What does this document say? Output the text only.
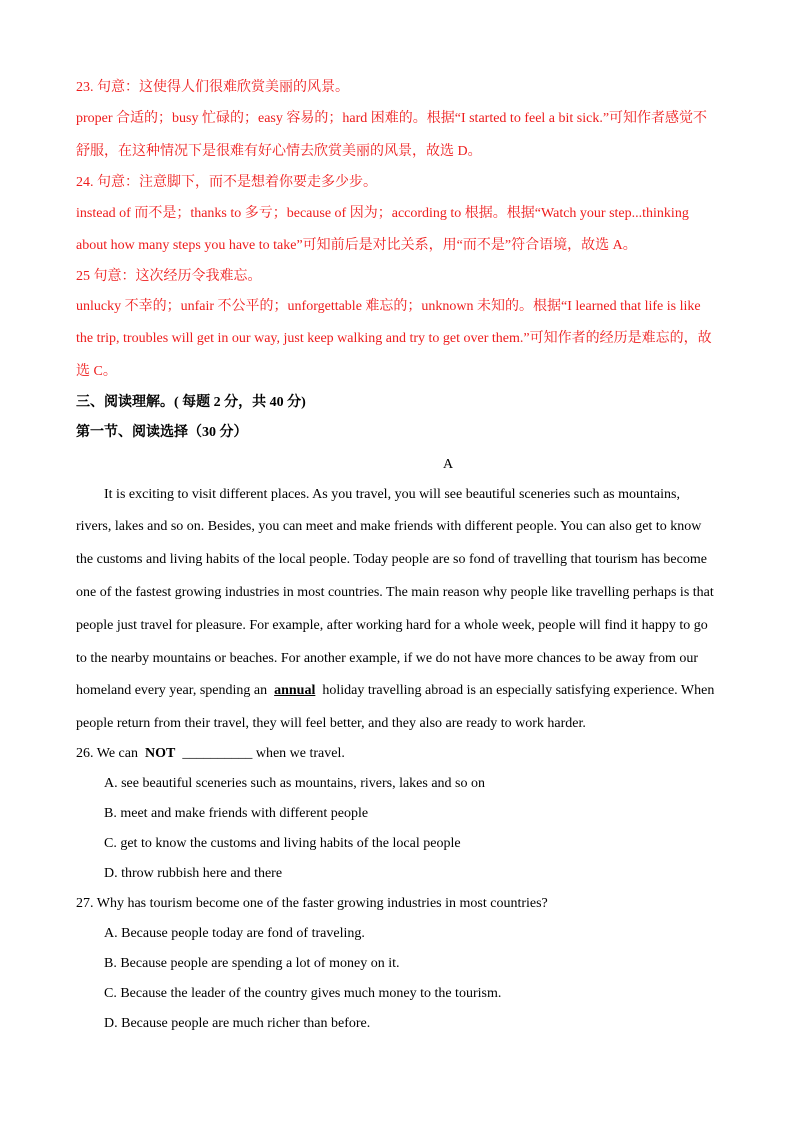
23. 句意：这使得人们很难欣赏美丽的风景。
proper 合适的；busy 忙碌的；easy 容易的；hard 困难的。根据“I started to feel a bit sick.”可知作者感觉不
舒服，在这种情况下是很难有好心情去欣赏美丽的风景，故选 D。
24. 句意：注意脚下，而不是想着你要走多少步。
instead of 而不是；thanks to 多亏；because of 因为；according to 根据。根据“Watch your step...thinking
about how many steps you have to take”可知前后是对比关系，用“而不是”符合语境，故选 A。
25 句意：这次经历令我难忘。
unlucky 不幸的；unfair 不公平的；unforgettable 难忘的；unknown 未知的。根据“I learned that life is like
the trip, troubles will get in our way, just keep walking and try to get over them.”可知作者的经历是难忘的，故
选 C。
三、阅读理解。( 每题 2 分，共 40 分)
第一节、阅读选择（30 分）
A
It is exciting to visit different places. As you travel, you will see beautiful sceneries such as mountains,
rivers, lakes and so on. Besides, you can meet and make friends with different people. You can also get to know
the customs and living habits of the local people. Today people are so fond of travelling that tourism has become
one of the fastest growing industries in most countries. The main reason why people like travelling perhaps is that
people just travel for pleasure. For example, after working hard for a whole week, people will find it happy to go
to the nearby mountains or beaches. For another example, if we do not have more chances to be away from our
homeland every year, spending an  annual  holiday travelling abroad is an especially satisfying experience. When
people return from their travel, they will feel better, and they also are ready to work harder.
26. We can  NOT  __________ when we travel.
A. see beautiful sceneries such as mountains, rivers, lakes and so on
B. meet and make friends with different people
C. get to know the customs and living habits of the local people
D. throw rubbish here and there
27. Why has tourism become one of the faster growing industries in most countries?
A. Because people today are fond of traveling.
B. Because people are spending a lot of money on it.
C. Because the leader of the country gives much money to the tourism.
D. Because people are much richer than before.
